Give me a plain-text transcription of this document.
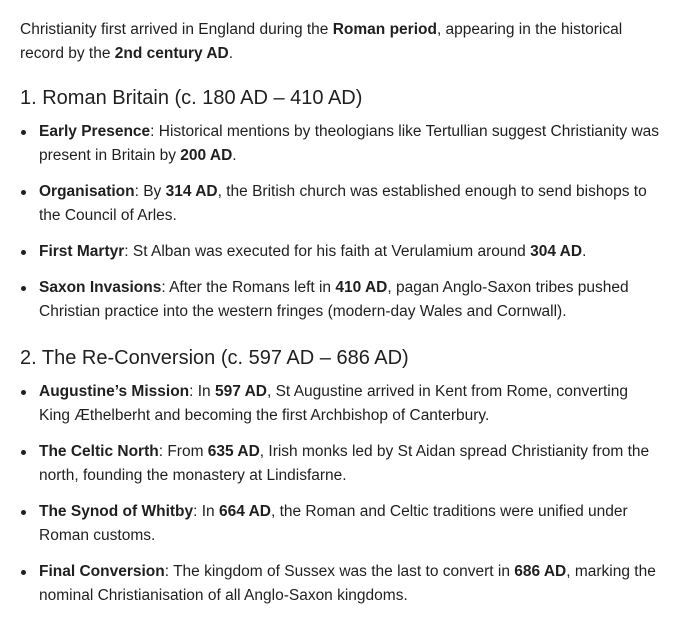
Christianity first arrived in England during the Roman period, appearing in the historical record by the 2nd century AD.

1. Roman Britain (c. 180 AD – 410 AD)
Early Presence: Historical mentions by theologians like Tertullian suggest Christianity was present in Britain by 200 AD.
Organisation: By 314 AD, the British church was established enough to send bishops to the Council of Arles.
First Martyr: St Alban was executed for his faith at Verulamium around 304 AD.
Saxon Invasions: After the Romans left in 410 AD, pagan Anglo-Saxon tribes pushed Christian practice into the western fringes (modern-day Wales and Cornwall).
2. The Re-Conversion (c. 597 AD – 686 AD)
Augustine’s Mission: In 597 AD, St Augustine arrived in Kent from Rome, converting King Æthelberht and becoming the first Archbishop of Canterbury.
The Celtic North: From 635 AD, Irish monks led by St Aidan spread Christianity from the north, founding the monastery at Lindisfarne.
The Synod of Whitby: In 664 AD, the Roman and Celtic traditions were unified under Roman customs.
Final Conversion: The kingdom of Sussex was the last to convert in 686 AD, marking the nominal Christianisation of all Anglo-Saxon kingdoms.
